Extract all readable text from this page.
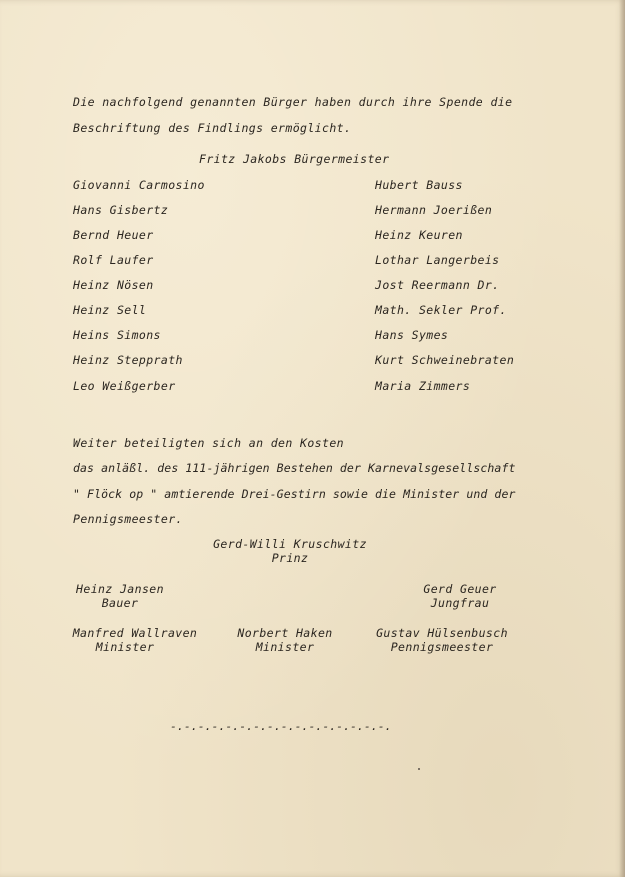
Die nachfolgend genannten Bürger haben durch ihre Spende die
Beschriftung des Findlings ermöglicht.
Fritz Jakobs Bürgermeister
Giovanni Carmosino
Hans Gisbertz
Bernd Heuer
Rolf Laufer
Heinz Nösen
Heinz Sell
Heins Simons
Heinz Stepprath
Leo Weißgerber
Hubert Bauss
Hermann Joerißen
Heinz Keuren
Lothar Langerbeis
Jost Reermann Dr.
Math. Sekler Prof.
Hans Symes
Kurt Schweinebraten
Maria Zimmers
Weiter beteiligten sich an den Kosten
das anläßl. des 111-jährigen Bestehen der Karnevalsgesellschaft
" Flöck op " amtierende Drei-Gestirn sowie die Minister und der
Pennigsmeester.
Gerd-Willi Kruschwitz
Prinz
Heinz Jansen
Bauer
Gerd Geuer
Jungfrau
Manfred Wallraven
Minister
Norbert Haken
Minister
Gustav Hülsenbusch
Pennigsmeester
-.-.-.-.-.-.-.-.-.-.-.-.-.-.-.-.
